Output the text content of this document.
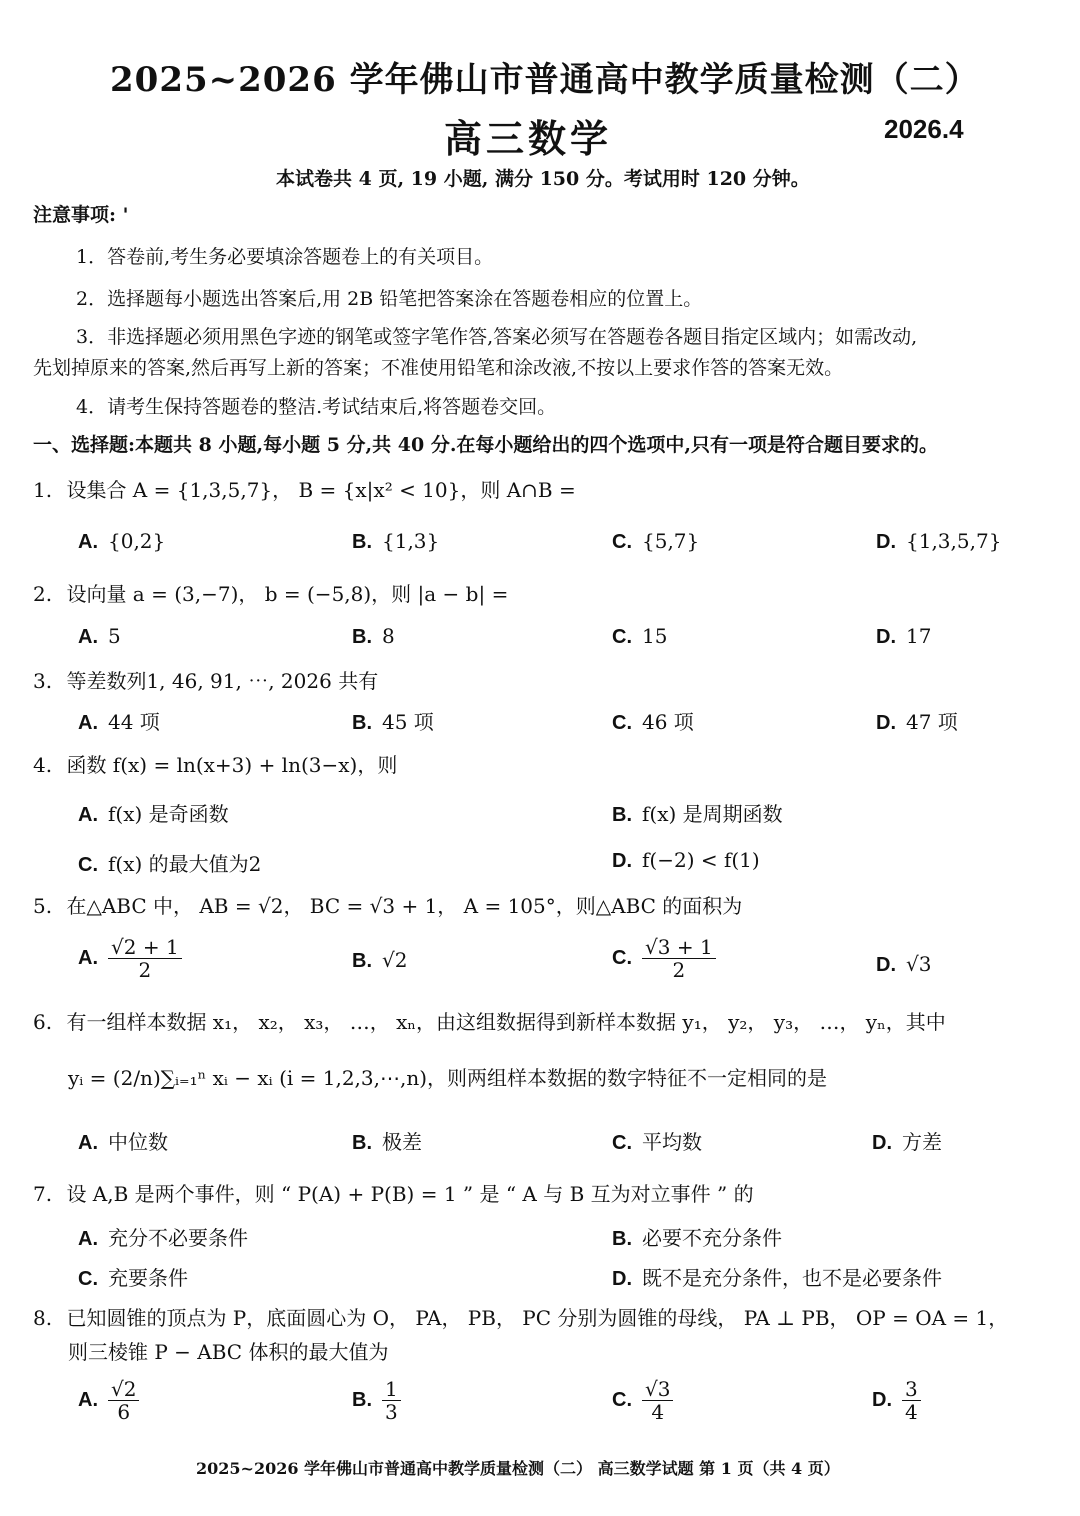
2025~2026 学年佛山市普通高中教学质量检测（二）
高三数学	2026.4
本试卷共 4 页, 19 小题, 满分 150 分。考试用时 120 分钟。
注意事项: '
1．答卷前,考生务必要填涂答题卷上的有关项目。
2．选择题每小题选出答案后,用 2B 铅笔把答案涂在答题卷相应的位置上。
3．非选择题必须用黑色字迹的钢笔或签字笔作答,答案必须写在答题卷各题目指定区域内；如需改动,
先划掉原来的答案,然后再写上新的答案；不准使用铅笔和涂改液,不按以上要求作答的答案无效。
4．请考生保持答题卷的整洁.考试结束后,将答题卷交回。
一、选择题:本题共 8 小题,每小题 5 分,共 40 分.在每小题给出的四个选项中,只有一项是符合题目要求的。
1. 设集合 A = {1,3,5,7}， B = {x|x² < 10}，则 A∩B =
A. {0,2}	B. {1,3}	C. {5,7}	D. {1,3,5,7}
2. 设向量 a = (3,−7)， b = (−5,8)，则 |a − b| =
A. 5	B. 8	C. 15	D. 17
3. 等差数列1, 46, 91, ⋯, 2026 共有
A. 44 项	B. 45 项	C. 46 项	D. 47 项
4. 函数 f(x) = ln(x+3) + ln(3−x)，则
A. f(x) 是奇函数	B. f(x) 是周期函数
C. f(x) 的最大值为2	D. f(−2) < f(1)
5. 在△ABC 中， AB = √2， BC = √3 + 1， A = 105°，则△ABC 的面积为
A. $\frac{√2 + 1}{2}$	B. √2	C. $\frac{√3 + 1}{2}$	D. √3
6. 有一组样本数据 x₁， x₂， x₃， …， xₙ，由这组数据得到新样本数据 y₁， y₂， y₃， …， yₙ，其中
yᵢ = (2/n)∑ᵢ₌₁ⁿ xᵢ − xᵢ (i = 1,2,3,⋯,n)，则两组样本数据的数字特征不一定相同的是
A. 中位数	B. 极差	C. 平均数	D. 方差
7. 设 A,B 是两个事件，则 “ P(A) + P(B) = 1 ” 是 “ A 与 B 互为对立事件 ” 的
A. 充分不必要条件	B. 必要不充分条件
C. 充要条件	D. 既不是充分条件，也不是必要条件
8. 已知圆锥的顶点为 P，底面圆心为 O， PA， PB， PC 分别为圆锥的母线， PA ⊥ PB， OP = OA = 1，
则三棱锥 P − ABC 体积的最大值为
A. $\frac{√2}{6}$	B. $\frac{1}{3}$	C. $\frac{√3}{4}$	D. $\frac{3}{4}$
2025~2026 学年佛山市普通高中教学质量检测（二） 高三数学试题 第 1 页（共 4 页）
